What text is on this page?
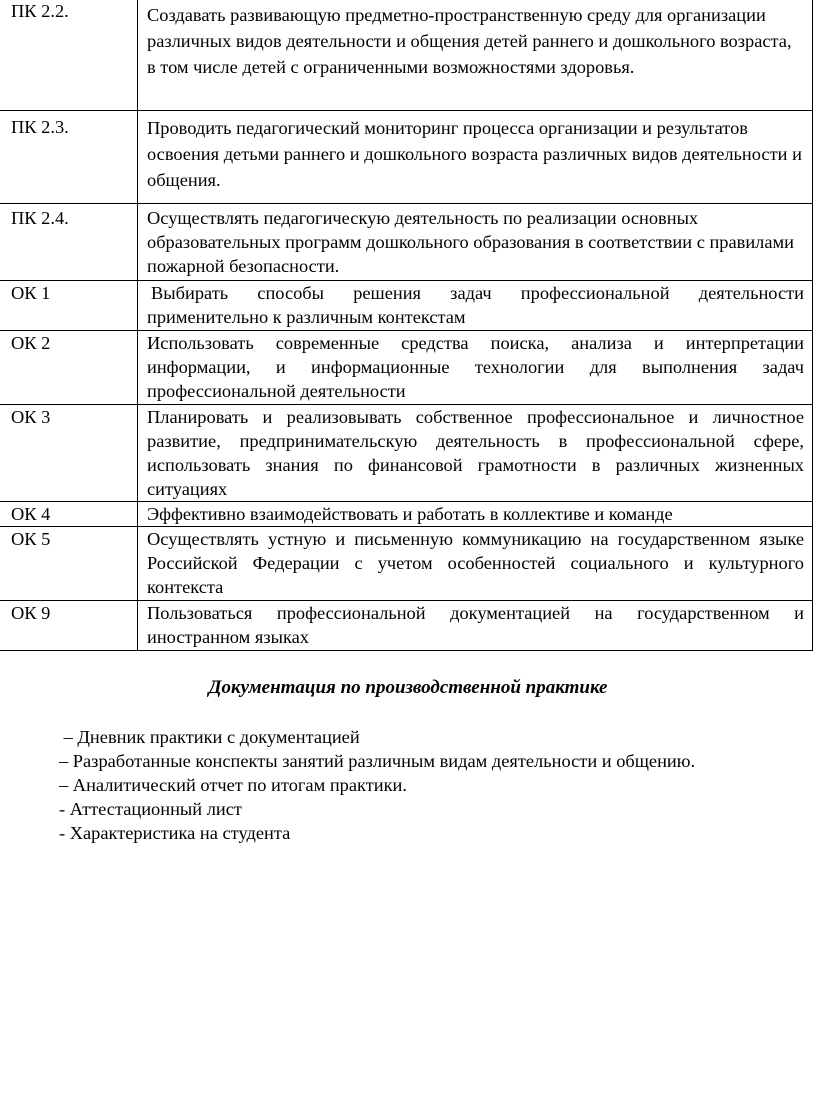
ПК 2.2.	Создавать развивающую предметно-пространственную среду для организации различных видов деятельности и общения детей раннего и дошкольного возраста, в том числе детей с ограниченными возможностями здоровья.
ПК 2.3.	Проводить педагогический мониторинг процесса организации и результатов освоения детьми раннего и дошкольного возраста различных видов деятельности и общения.
ПК 2.4.	Осуществлять педагогическую деятельность по реализации основных образовательных программ дошкольного образования в соответствии с правилами пожарной безопасности.
ОК 1	Выбирать способы решения задач профессиональной деятельности применительно к различным контекстам
ОК 2	Использовать современные средства поиска, анализа и интерпретации информации, и информационные технологии для выполнения задач профессиональной деятельности
ОК 3	Планировать и реализовывать собственное профессиональное и личностное развитие, предпринимательскую деятельность в профессиональной сфере, использовать знания по финансовой грамотности в различных жизненных ситуациях
ОК 4	Эффективно взаимодействовать и работать в коллективе и команде
ОК 5	Осуществлять устную и письменную коммуникацию на государственном языке Российской Федерации с учетом особенностей социального и культурного контекста
ОК 9	Пользоваться профессиональной документацией на государственном и иностранном языках
Документация по производственной практике
– Дневник практики с документацией
– Разработанные конспекты занятий различным видам деятельности и общению.
– Аналитический отчет по итогам практики.
- Аттестационный лист
- Характеристика на студента
